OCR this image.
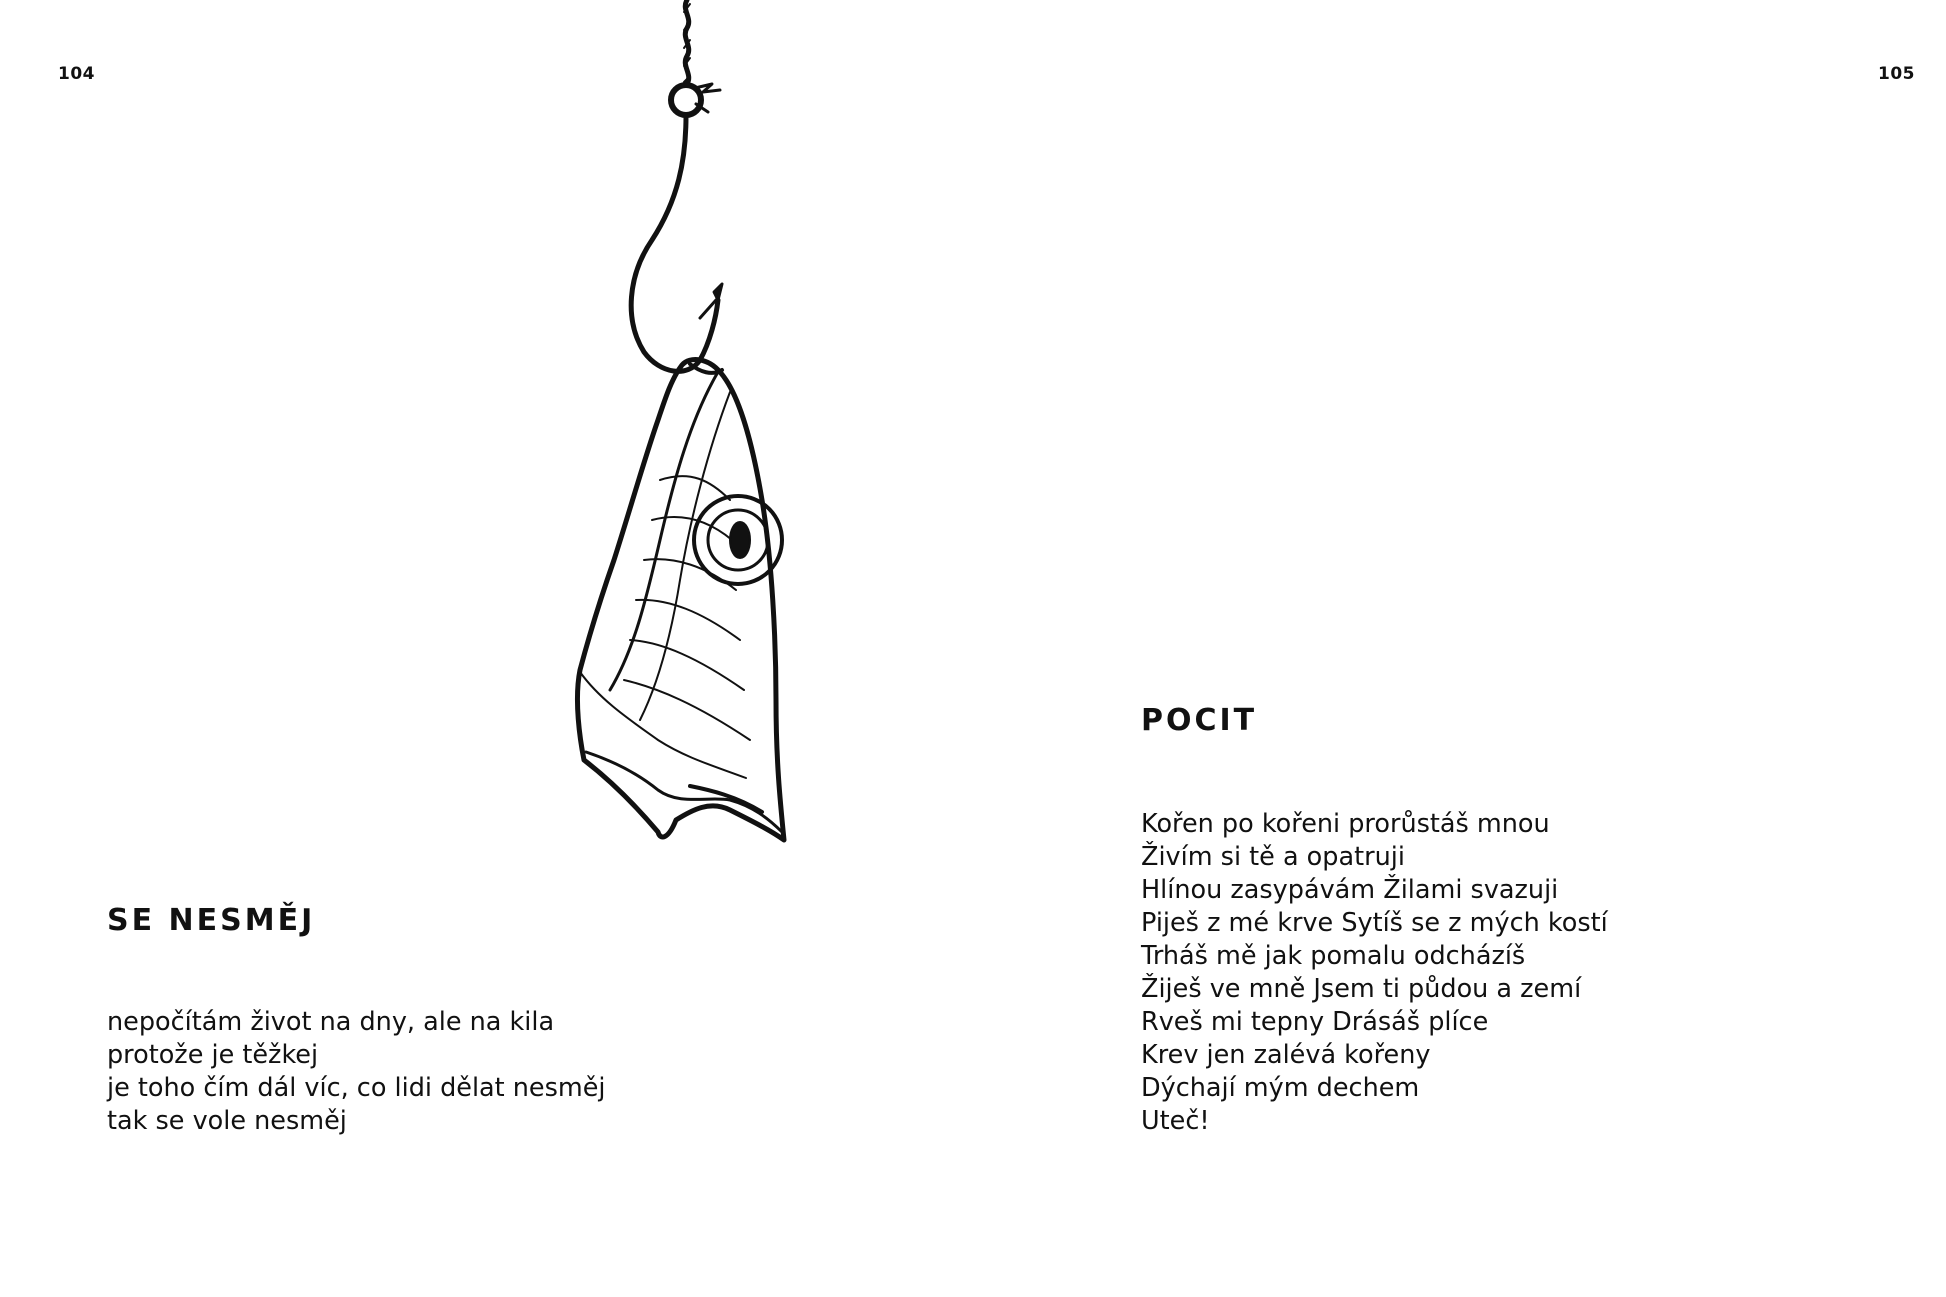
104
SE NESMĚJ
nepočítám život na dny, ale na kila
protože je těžkej
je toho čím dál víc, co lidi dělat nesměj
tak se vole nesměj
105
POCIT
Kořen po kořeni prorůstáš mnou
Živím si tě a opatruji
Hlínou zasypávám Žilami svazuji
Piješ z mé krve Sytíš se z mých kostí
Trháš mě jak pomalu odcházíš
Žiješ ve mně Jsem ti půdou a zemí
Rveš mi tepny Drásáš plíce
Krev jen zalévá kořeny
Dýchají mým dechem
Uteč!
